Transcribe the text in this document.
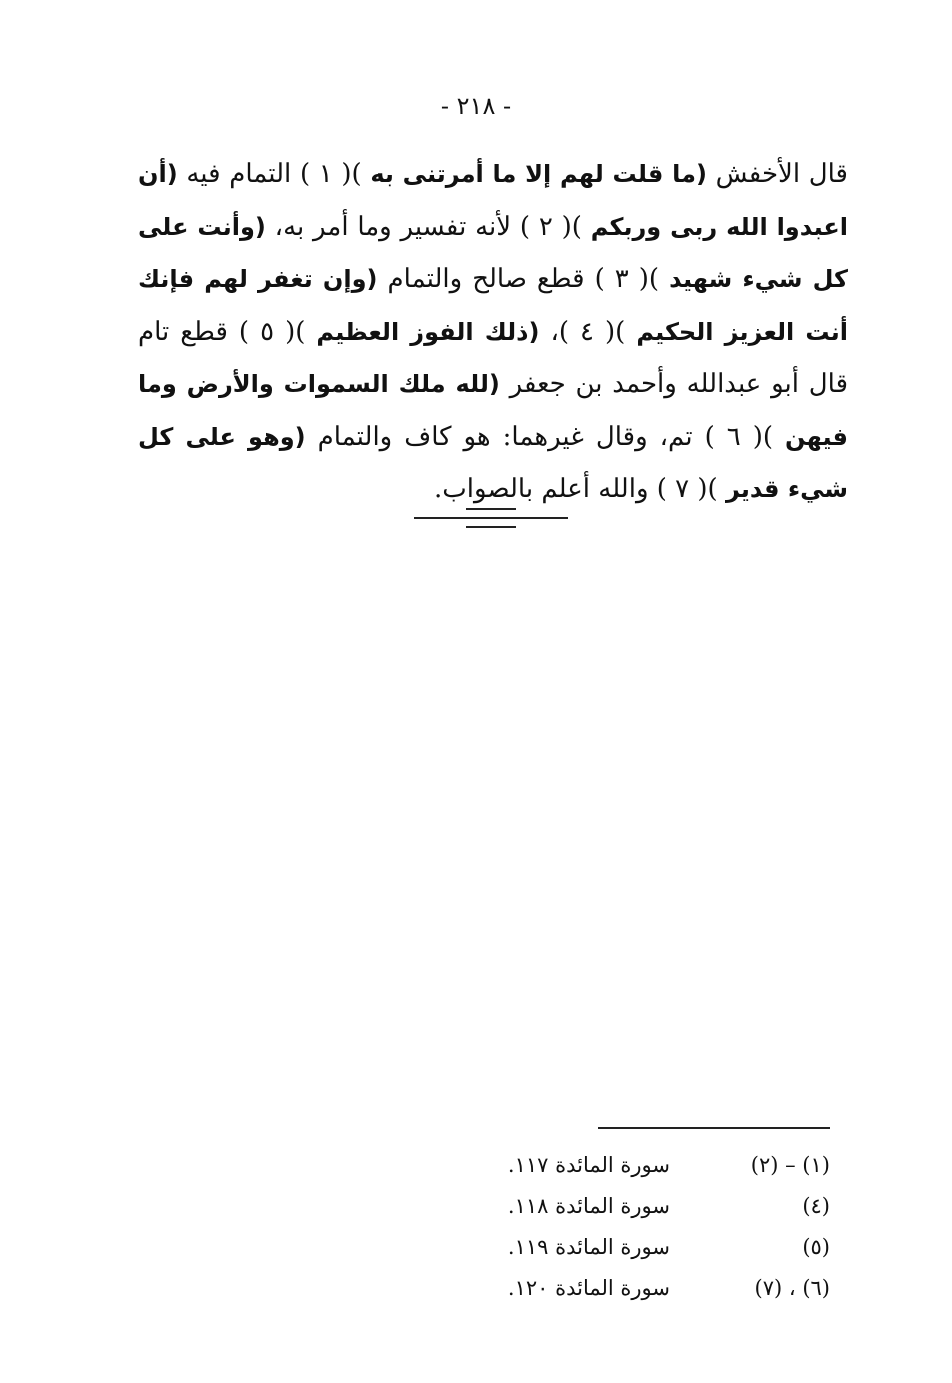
- ٢١٨ -
قال الأخفش (ما قلت لهم إلا ما أمرتنى به )( ١ ) التمام فيه (أن اعبدوا الله ربى وربكم )( ٢ ) لأنه تفسير وما أمر به، (وأنت على كل شيء شهيد )( ٣ ) قطع صالح والتمام (وإن تغفر لهم فإنك أنت العزيز الحكيم )( ٤ )، (ذلك الفوز العظيم )( ٥ ) قطع تام قال أبو عبدالله وأحمد بن جعفر (لله ملك السموات والأرض وما فيهن )( ٦ ) تم، وقال غيرهما: هو كاف والتمام (وهو على كل شيء قدير )( ٧ ) والله أعلم بالصواب.
(١) – (٢)
سورة المائدة ١١٧.
(٤)
سورة المائدة ١١٨.
(٥)
سورة المائدة ١١٩.
(٦) ، (٧)
سورة المائدة ١٢٠.
